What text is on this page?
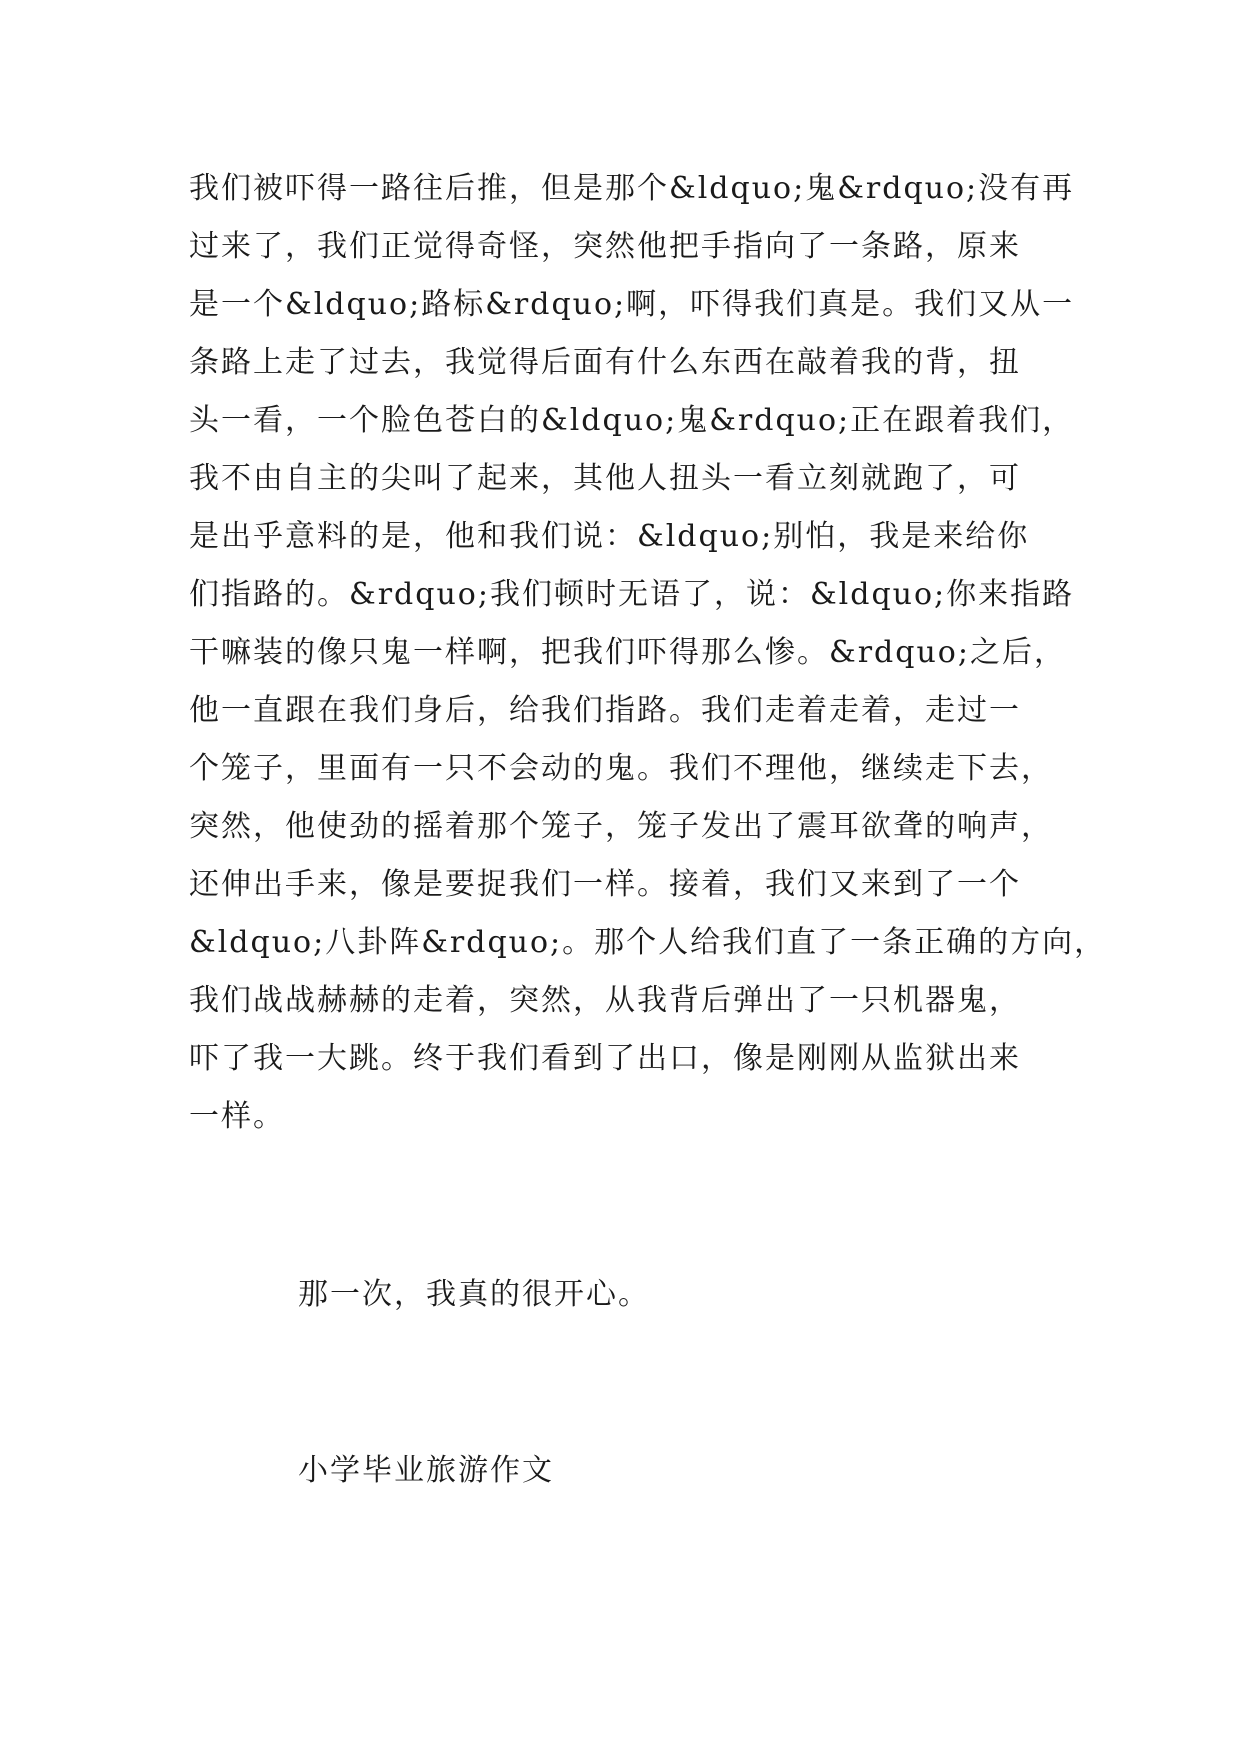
我们被吓得一路往后推，但是那个&ldquo;鬼&rdquo;没有再
过来了，我们正觉得奇怪，突然他把手指向了一条路，原来
是一个&ldquo;路标&rdquo;啊，吓得我们真是。我们又从一
条路上走了过去，我觉得后面有什么东西在敲着我的背，扭
头一看，一个脸色苍白的&ldquo;鬼&rdquo;正在跟着我们，
我不由自主的尖叫了起来，其他人扭头一看立刻就跑了，可
是出乎意料的是，他和我们说：&ldquo;别怕，我是来给你
们指路的。&rdquo;我们顿时无语了，说：&ldquo;你来指路
干嘛装的像只鬼一样啊，把我们吓得那么惨。&rdquo;之后，
他一直跟在我们身后，给我们指路。我们走着走着，走过一
个笼子，里面有一只不会动的鬼。我们不理他，继续走下去，
突然，他使劲的摇着那个笼子，笼子发出了震耳欲聋的响声，
还伸出手来，像是要捉我们一样。接着，我们又来到了一个
&ldquo;八卦阵&rdquo;。那个人给我们直了一条正确的方向，
我们战战赫赫的走着，突然，从我背后弹出了一只机器鬼，
吓了我一大跳。终于我们看到了出口，像是刚刚从监狱出来
一样。
那一次，我真的很开心。
小学毕业旅游作文
